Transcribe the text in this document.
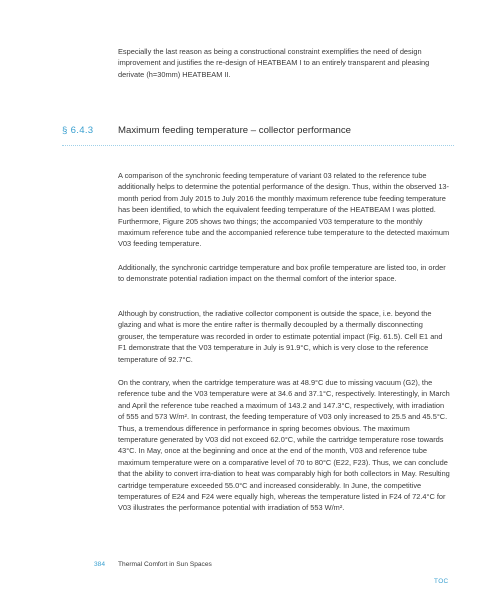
Especially the last reason as being a constructional constraint exemplifies the need of design improvement and justifies the re-design of HEATBEAM I to an entirely transparent and pleasing derivate (h=30mm) HEATBEAM II.

§ 6.4.3	Maximum feeding temperature – collector performance

A comparison of the synchronic feeding temperature of variant 03 related to the reference tube additionally helps to determine the potential performance of the design. Thus, within the observed 13-month period from July 2015 to July 2016 the monthly maximum reference tube feeding temperature has been identified, to which the equivalent feeding temperature of the HEATBEAM I was plotted. Furthermore, Figure 205 shows two things; the accompanied V03 temperature to the monthly maximum reference tube and the accompanied reference tube temperature to the detected maximum V03 feeding temperature.

Additionally, the synchronic cartridge temperature and box profile temperature are listed too, in order to demonstrate potential radiation impact on the thermal comfort of the interior space.

Although by construction, the radiative collector component is outside the space, i.e. beyond the glazing and what is more the entire rafter is thermally decoupled by a thermally disconnecting grouser, the temperature was recorded in order to estimate potential impact (Fig. 61.5). Cell E1 and F1 demonstrate that the V03 temperature in July is 91.9°C, which is very close to the reference temperature of 92.7°C.

On the contrary, when the cartridge temperature was at 48.9°C due to missing vacuum (G2), the reference tube and the V03 temperature were at 34.6 and 37.1°C, respectively. Interestingly, in March and April the reference tube reached a maximum of 143.2 and 147.3°C, respectively, with irradiation of 555 and 573 W/m². In contrast, the feeding temperature of V03 only increased to 25.5 and 45.5°C. Thus, a tremendous difference in performance in spring becomes obvious. The maximum temperature generated by V03 did not exceed 62.0°C, while the cartridge temperature rose towards 43°C. In May, once at the beginning and once at the end of the month, V03 and reference tube maximum temperature were on a comparative level of 70 to 80°C (E22, F23). Thus, we can conclude that the ability to convert irra-diation to heat was comparably high for both collectors in May. Resulting cartridge temperature exceeded 55.0°C and increased considerably. In June, the competitive temperatures of E24 and F24 were equally high, whereas the temperature listed in F24 of 72.4°C for V03 illustrates the performance potential with irradiation of 553 W/m².

384 Thermal Comfort in Sun Spaces
TOC
